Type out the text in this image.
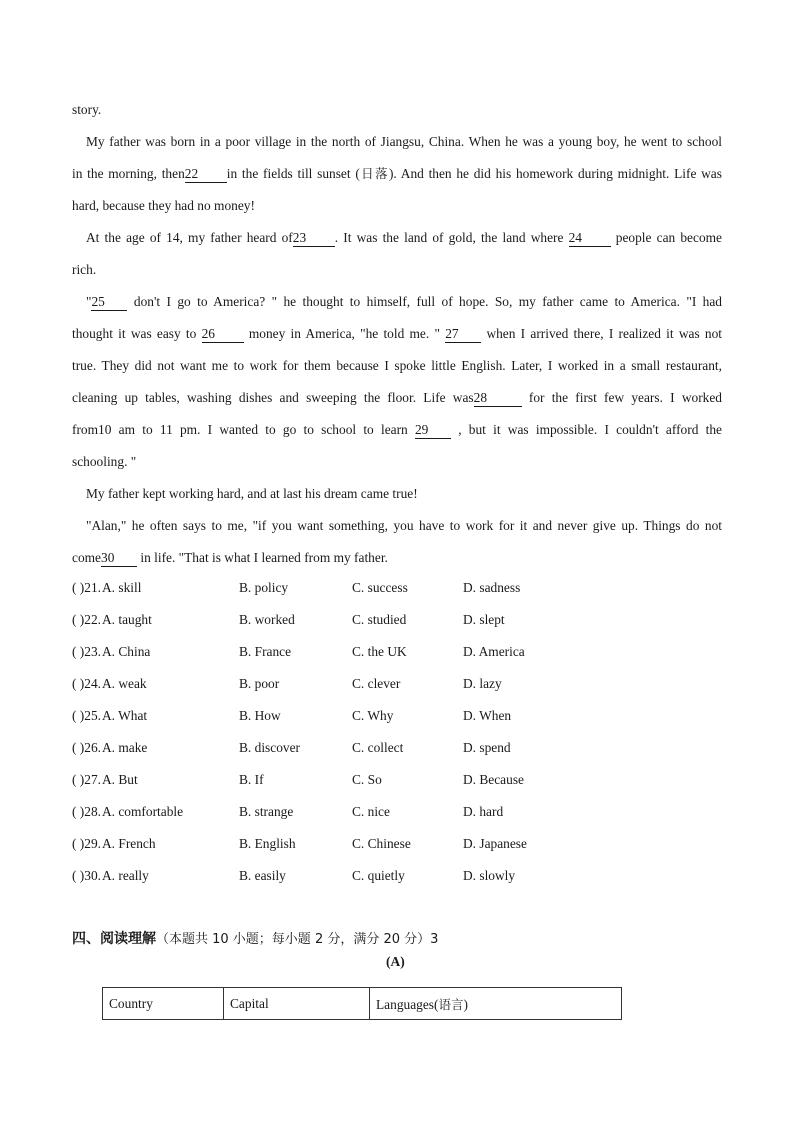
story.
My father was born in a poor village in the north of Jiangsu, China. When he was a young boy, he went to school
in the morning, then22 in the fields till sunset (日落). And then he did his homework during midnight. Life was
hard, because they had no money!
At the age of 14, my father heard of23 . It was the land of gold, the land where 24	people can become
rich.
"25 don't I go to America? " he thought to himself, full of hope. So, my father came to America. "I had
thought it was easy to 26	money in America, "he told me. " 27 when I arrived there, I realized it was not
true. They did not want me to work for them because I spoke little English. Later, I worked in a small restaurant,
cleaning up tables, washing dishes and sweeping the floor. Life was28	for the first few years. I worked
from10 am to 11 pm. I wanted to go to school to learn 29 , but it was impossible. I couldn't afford the
schooling. "
My father kept working hard, and at last his dream came true!
"Alan," he often says to me, "if you want something, you have to work for it and never give up. Things do not
come30 in life. "That is what I learned from my father.
( )21. A. skill	B. policy	C. success	D. sadness
( )22. A. taught	B. worked	C. studied	D. slept
( )23. A. China	B. France	C. the UK	D. America
( )24. A. weak	B. poor	C. clever	D. lazy
( )25. A. What	B. How	C. Why	D. When
( )26. A. make	B. discover	C. collect	D. spend
( )27. A. But	B. If	C. So	D. Because
( )28. A. comfortable	B. strange	C. nice	D. hard
( )29. A. French	B. English	C. Chinese	D. Japanese
( )30. A. really	B. easily	C. quietly	D. slowly
四、阅读理解（本题共 10 小题；每小题 2 分，满分 20 分）3
(A)
Country	Capital	Languages(语言)
